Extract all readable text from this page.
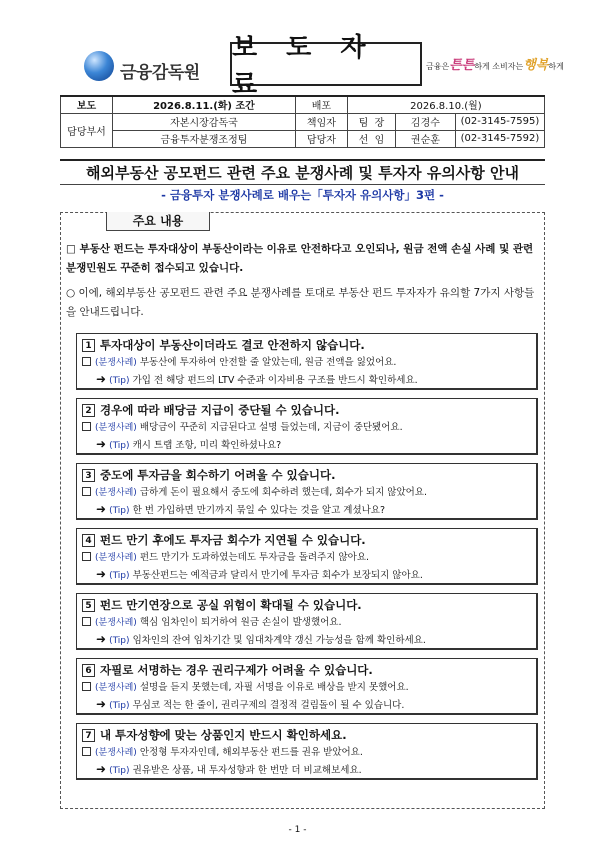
금융감독원
보 도 자 료
금융은튼튼하게 소비자는행복하게
보도	2026.8.11.(화) 조간	배포	2026.8.10.(월)		
담당부서	자본시장감독국	책임자	팀  장	김경수	(02-3145-7595)
	금융투자분쟁조정팀	담당자	선  임	권순훈	(02-3145-7592)
해외부동산 공모펀드 관련 주요 분쟁사례 및 투자자 유의사항 안내
- 금융투자 분쟁사례로 배우는「투자자 유의사항」3편 -
주요 내용
□ 부동산 펀드는 투자대상이 부동산이라는 이유로 안전하다고 오인되나, 원금 전액 손실 사례 및 관련 분쟁민원도 꾸준히 접수되고 있습니다.
○ 이에, 해외부동산 공모펀드 관련 주요 분쟁사례를 토대로 부동산 펀드 투자자가 유의할 7가지 사항들을 안내드립니다.
1 투자대상이 부동산이더라도 결코 안전하지 않습니다.
(분쟁사례) 부동산에 투자하여 안전할 줄 알았는데, 원금 전액을 잃었어요.
➜ (Tip) 가입 전 해당 펀드의 LTV 수준과 이자비용 구조를 반드시 확인하세요.
2 경우에 따라 배당금 지급이 중단될 수 있습니다.
(분쟁사례) 배당금이 꾸준히 지급된다고 설명 들었는데, 지금이 중단됐어요.
➜ (Tip) 캐시 트랩 조항, 미리 확인하셨나요?
3 중도에 투자금을 회수하기 어려울 수 있습니다.
(분쟁사례) 급하게 돈이 필요해서 중도에 회수하려 했는데, 회수가 되지 않았어요.
➜ (Tip) 한 번 가입하면 만기까지 묶일 수 있다는 것을 알고 계셨나요?
4 펀드 만기 후에도 투자금 회수가 지연될 수 있습니다.
(분쟁사례) 펀드 만기가 도과하였는데도 투자금을 돌려주지 않아요.
➜ (Tip) 부동산펀드는 예적금과 달리서 만기에 투자금 회수가 보장되지 않아요.
5 펀드 만기연장으로 공실 위험이 확대될 수 있습니다.
(분쟁사례) 핵심 임차인이 퇴거하여 원금 손실이 발생했어요.
➜ (Tip) 임차인의 잔여 임차기간 및 임대차계약 갱신 가능성을 함께 확인하세요.
6 자필로 서명하는 경우 권리구제가 어려울 수 있습니다.
(분쟁사례) 설명을 듣지 못했는데, 자필 서명을 이유로 배상을 받지 못했어요.
➜ (Tip) 무심코 적는 한 줄이, 권리구제의 결정적 걸림돌이 될 수 있습니다.
7 내 투자성향에 맞는 상품인지 반드시 확인하세요.
(분쟁사례) 안정형 투자자인데, 해외부동산 펀드를 권유 받았어요.
➜ (Tip) 권유받은 상품, 내 투자성향과 한 번만 더 비교해보세요.
- 1 -
